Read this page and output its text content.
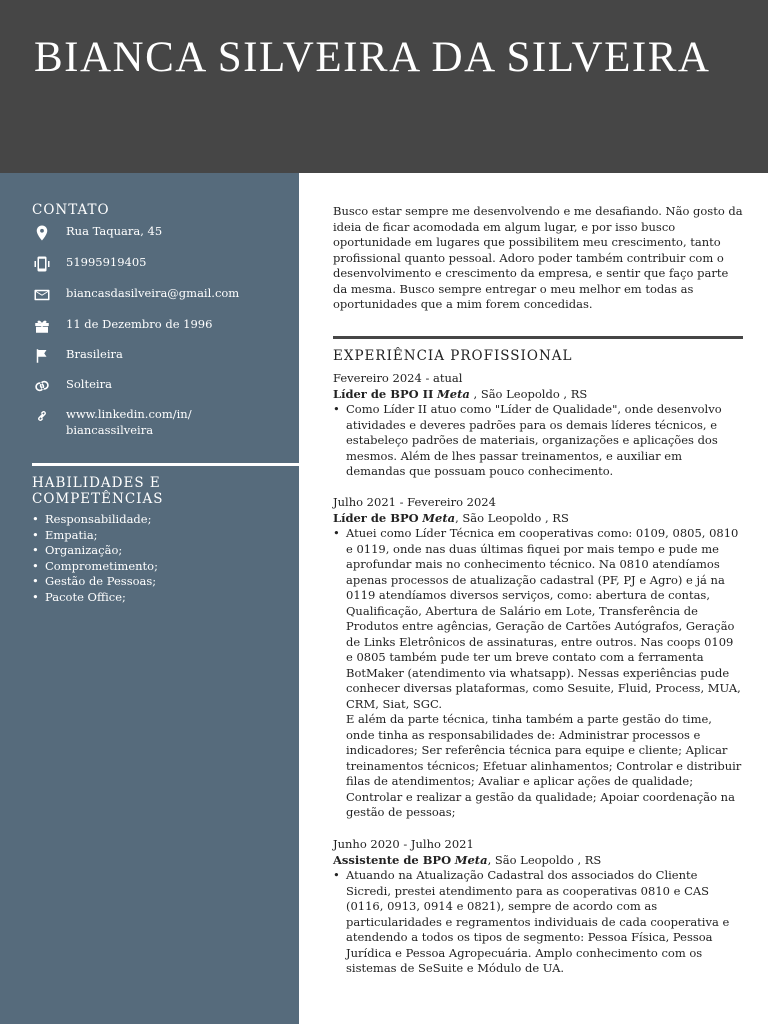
BIANCA SILVEIRA DA SILVEIRA
CONTATO
Rua Taquara, 45
51995919405
biancasdasilveira@gmail.com
11 de Dezembro de 1996
Brasileira
Solteira
www.linkedin.com/in/ biancassilveira
HABILIDADES E COMPETÊNCIAS
• Responsabilidade;
• Empatia;
• Organização;
• Comprometimento;
• Gestão de Pessoas;
• Pacote Office;

Busco estar sempre me desenvolvendo e me desafiando. Não gosto da ideia de ficar acomodada em algum lugar, e por isso busco oportunidade em lugares que possibilitem meu crescimento, tanto profissional quanto pessoal. Adoro poder também contribuir com o desenvolvimento e crescimento da empresa, e sentir que faço parte da mesma. Busco sempre entregar o meu melhor em todas as oportunidades que a mim forem concedidas.

EXPERIÊNCIA PROFISSIONAL
Fevereiro 2024 - atual
Líder de BPO II Meta , São Leopoldo , RS
• Como Líder II atuo como "Líder de Qualidade", onde desenvolvo atividades e deveres padrões para os demais líderes técnicos, e estabeleço padrões de materiais, organizações e aplicações dos mesmos. Além de lhes passar treinamentos, e auxiliar em demandas que possuam pouco conhecimento.
Julho 2021 - Fevereiro 2024
Líder de BPO Meta, São Leopoldo , RS
• Atuei como Líder Técnica em cooperativas como: 0109, 0805, 0810 e 0119, onde nas duas últimas fiquei por mais tempo e pude me aprofundar mais no conhecimento técnico. Na 0810 atendíamos apenas processos de atualização cadastral (PF, PJ e Agro) e já na 0119 atendíamos diversos serviços, como: abertura de contas, Qualificação, Abertura de Salário em Lote, Transferência de Produtos entre agências, Geração de Cartões Autógrafos, Geração de Links Eletrônicos de assinaturas, entre outros. Nas coops 0109 e 0805 também pude ter um breve contato com a ferramenta BotMaker (atendimento via whatsapp). Nessas experiências pude conhecer diversas plataformas, como Sesuite, Fluid, Process, MUA, CRM, Siat, SGC.

E além da parte técnica, tinha também a parte gestão do time, onde tinha as responsabilidades de: Administrar processos e indicadores; Ser referência técnica para equipe e cliente; Aplicar treinamentos técnicos; Efetuar alinhamentos; Controlar e distribuir filas de atendimentos; Avaliar e aplicar ações de qualidade; Controlar e realizar a gestão da qualidade; Apoiar coordenação na gestão de pessoas;

Junho 2020 - Julho 2021
Assistente de BPO Meta, São Leopoldo , RS
• Atuando na Atualização Cadastral dos associados do Cliente Sicredi, prestei atendimento para as cooperativas 0810 e CAS (0116, 0913, 0914 e 0821), sempre de acordo com as particularidades e regramentos individuais de cada cooperativa e atendendo a todos os tipos de segmento: Pessoa Física, Pessoa Jurídica e Pessoa Agropecuária. Amplo conhecimento com os sistemas de SeSuite e Módulo de UA.
